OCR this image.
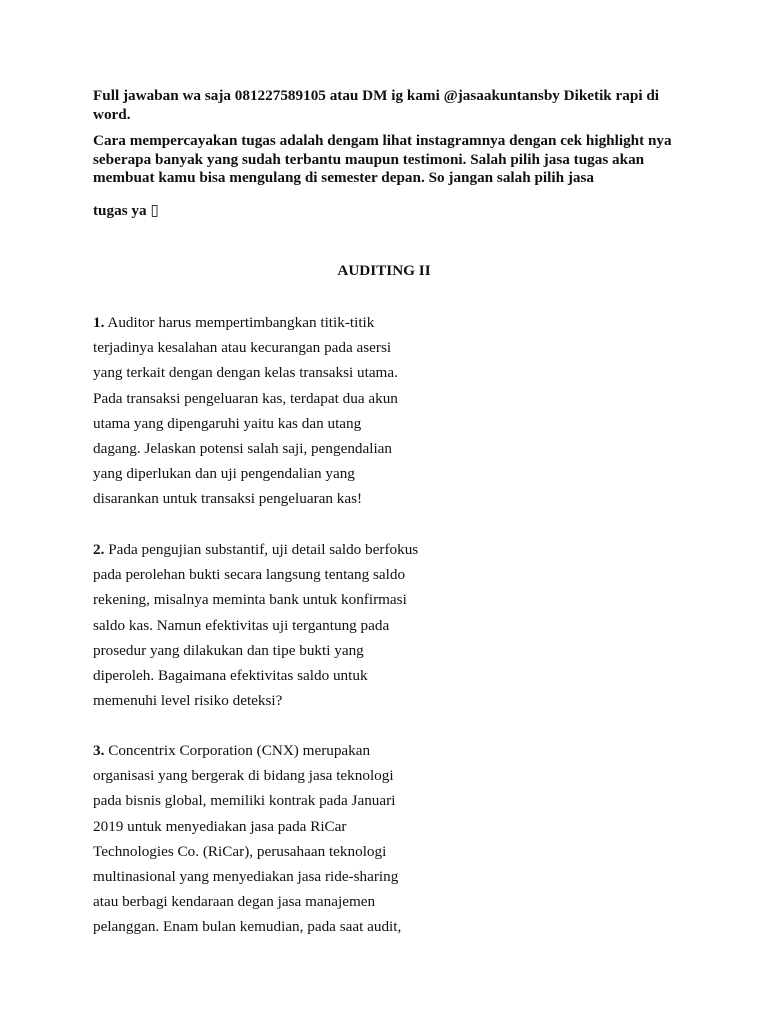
Full jawaban wa saja 081227589105 atau DM ig kami @jasaakuntansby Diketik rapi di word.

Cara mempercayakan tugas adalah dengam lihat instagramnya dengan cek highlight nya seberapa banyak yang sudah terbantu maupun testimoni. Salah pilih jasa tugas akan membuat kamu bisa mengulang di semester depan. So jangan salah pilih jasa

tugas ya ▯

AUDITING II
1. Auditor harus mempertimbangkan titik-titik
terjadinya kesalahan atau kecurangan pada asersi
yang terkait dengan dengan kelas transaksi utama.
Pada transaksi pengeluaran kas, terdapat dua akun
utama yang dipengaruhi yaitu kas dan utang
dagang. Jelaskan potensi salah saji, pengendalian
yang diperlukan dan uji pengendalian yang
disarankan untuk transaksi pengeluaran kas!
2. Pada pengujian substantif, uji detail saldo berfokus
pada perolehan bukti secara langsung tentang saldo
rekening, misalnya meminta bank untuk konfirmasi
saldo kas. Namun efektivitas uji tergantung pada
prosedur yang dilakukan dan tipe bukti yang
diperoleh. Bagaimana efektivitas saldo untuk
memenuhi level risiko deteksi?
3. Concentrix Corporation (CNX) merupakan
organisasi yang bergerak di bidang jasa teknologi
pada bisnis global, memiliki kontrak pada Januari
2019 untuk menyediakan jasa pada RiCar
Technologies Co. (RiCar), perusahaan teknologi
multinasional yang menyediakan jasa ride-sharing
atau berbagi kendaraan degan jasa manajemen
pelanggan. Enam bulan kemudian, pada saat audit,
